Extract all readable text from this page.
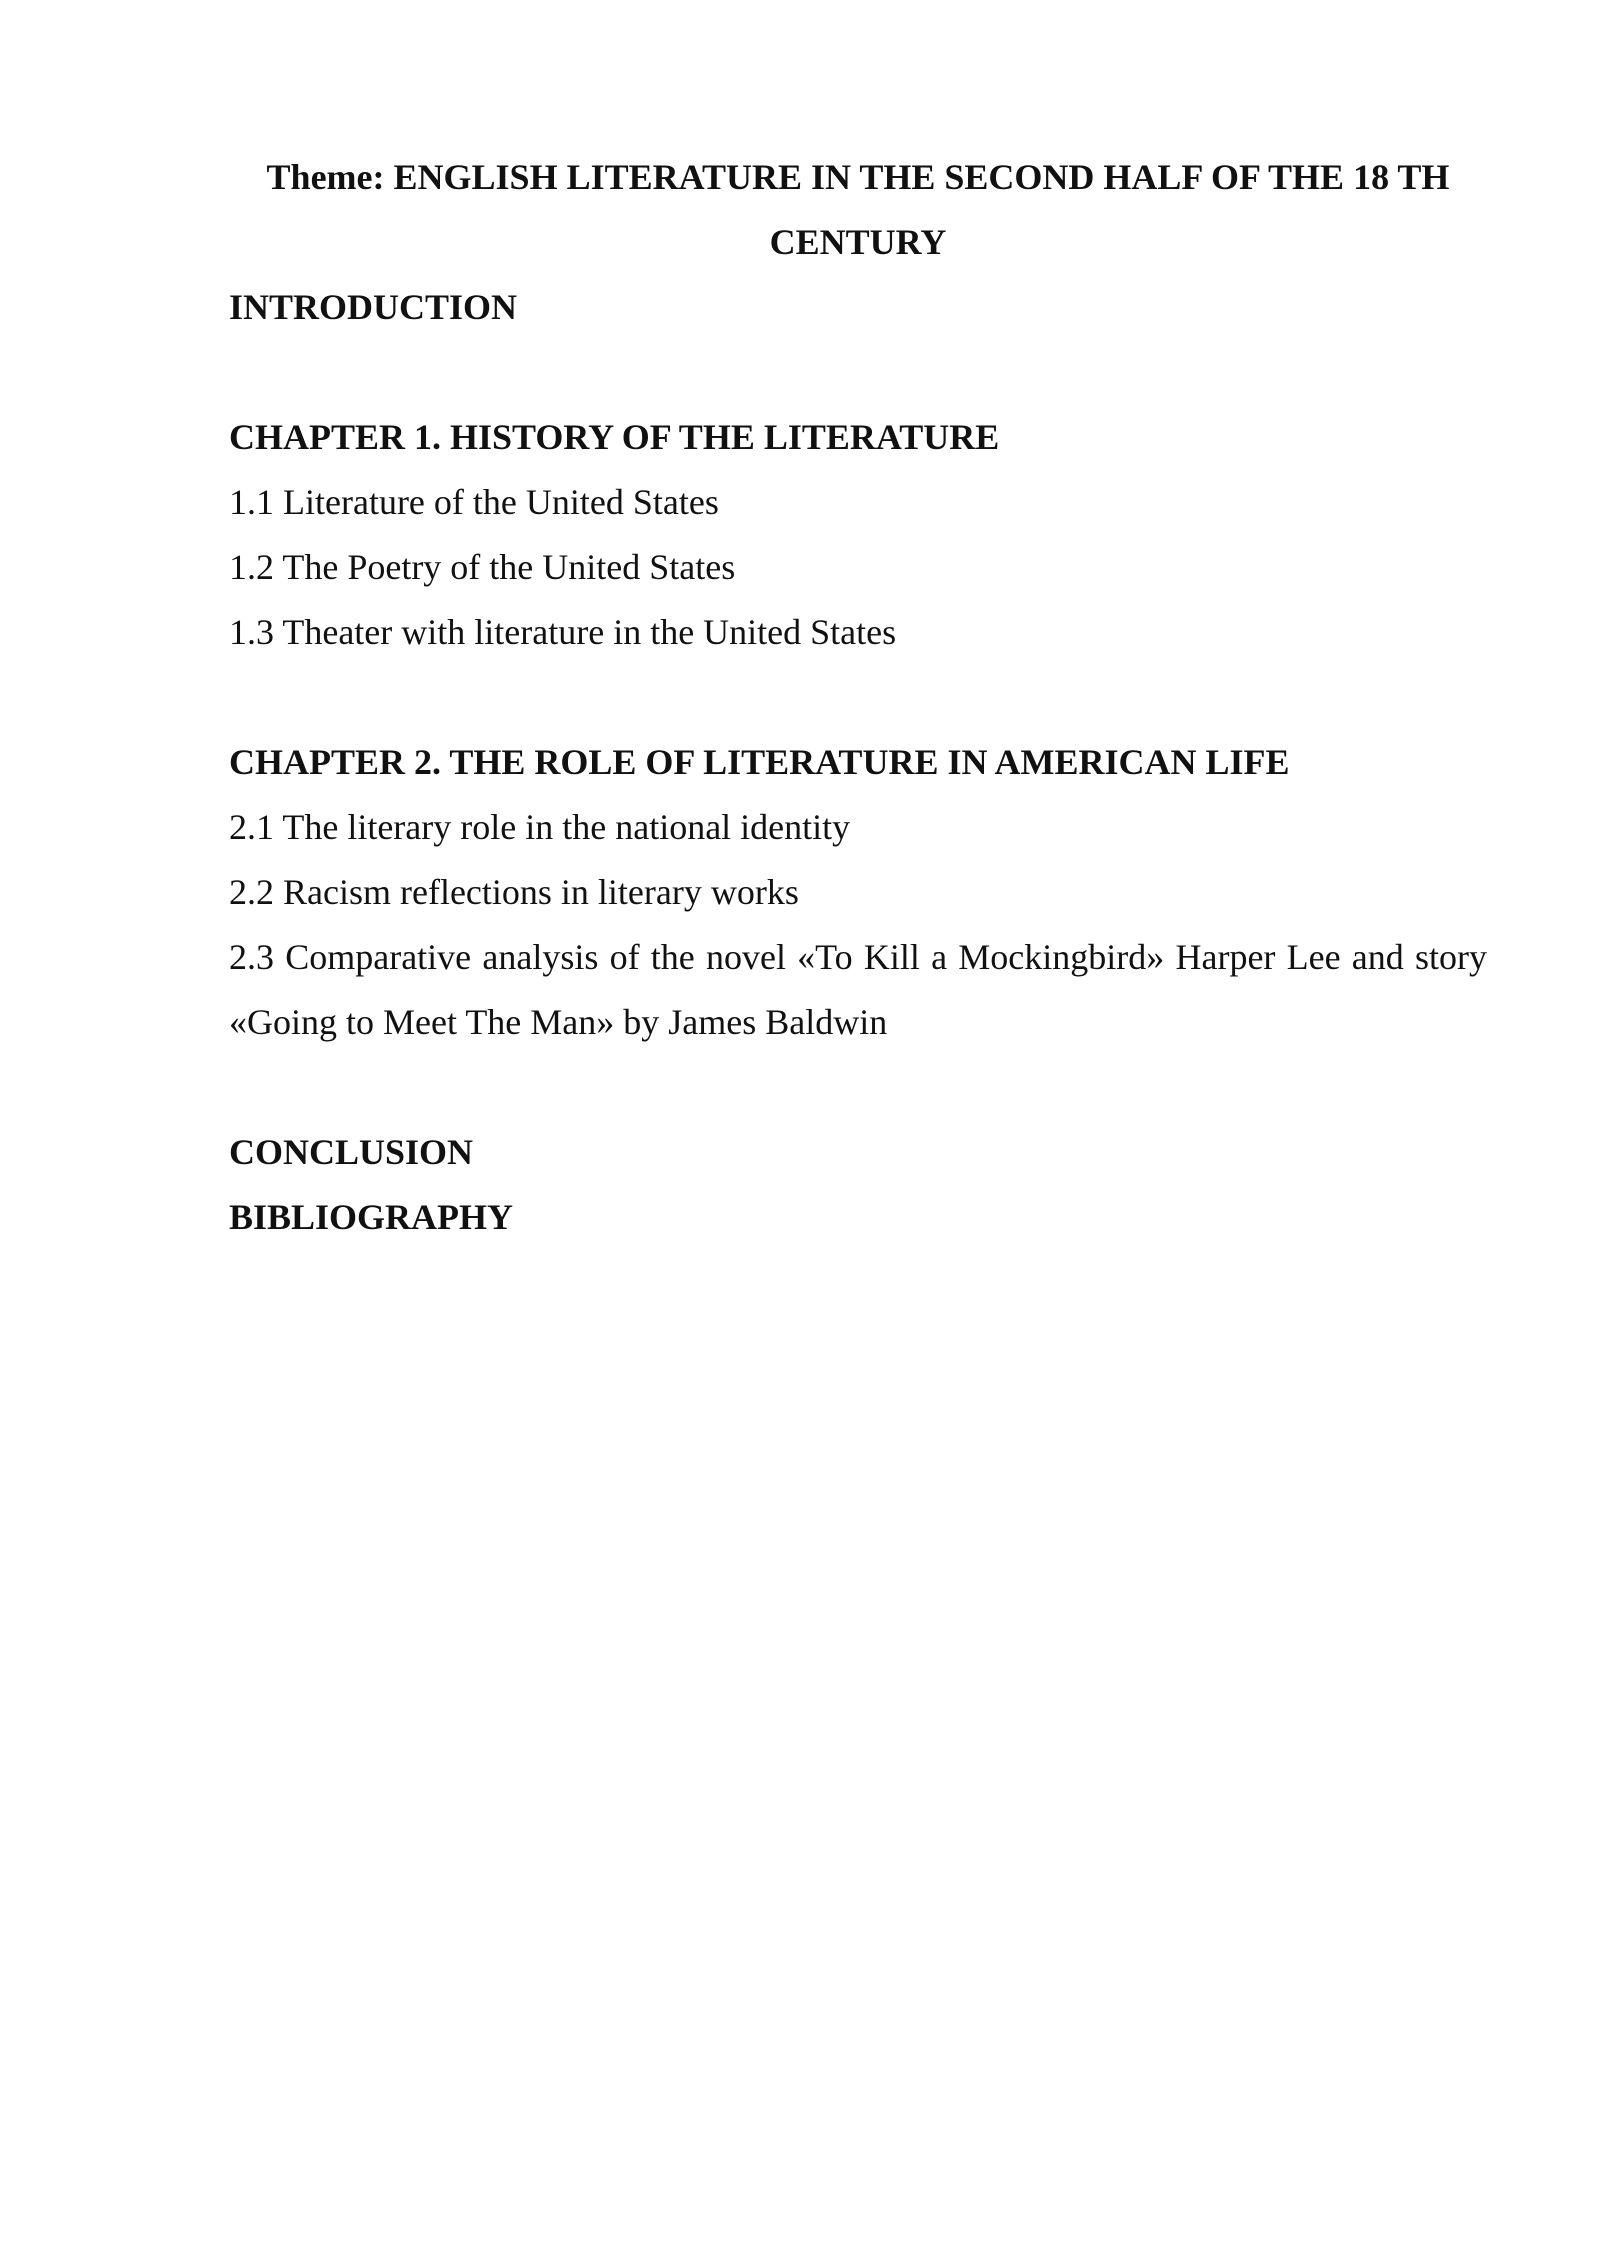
Theme: ENGLISH LITERATURE IN THE SECOND HALF OF THE 18 TH

CENTURY

INTRODUCTION

CHAPTER 1. HISTORY OF THE LITERATURE

1.1 Literature of the United States

1.2 The Poetry of the United States

1.3 Theater with literature in the United States

CHAPTER 2. THE ROLE OF LITERATURE IN AMERICAN LIFE

2.1 The literary role in the national identity

2.2 Racism reflections in literary works

2.3 Comparative analysis of the novel «To Kill a Mockingbird» Harper Lee and story «Going to Meet The Man» by James Baldwin

CONCLUSION

BIBLIOGRAPHY
